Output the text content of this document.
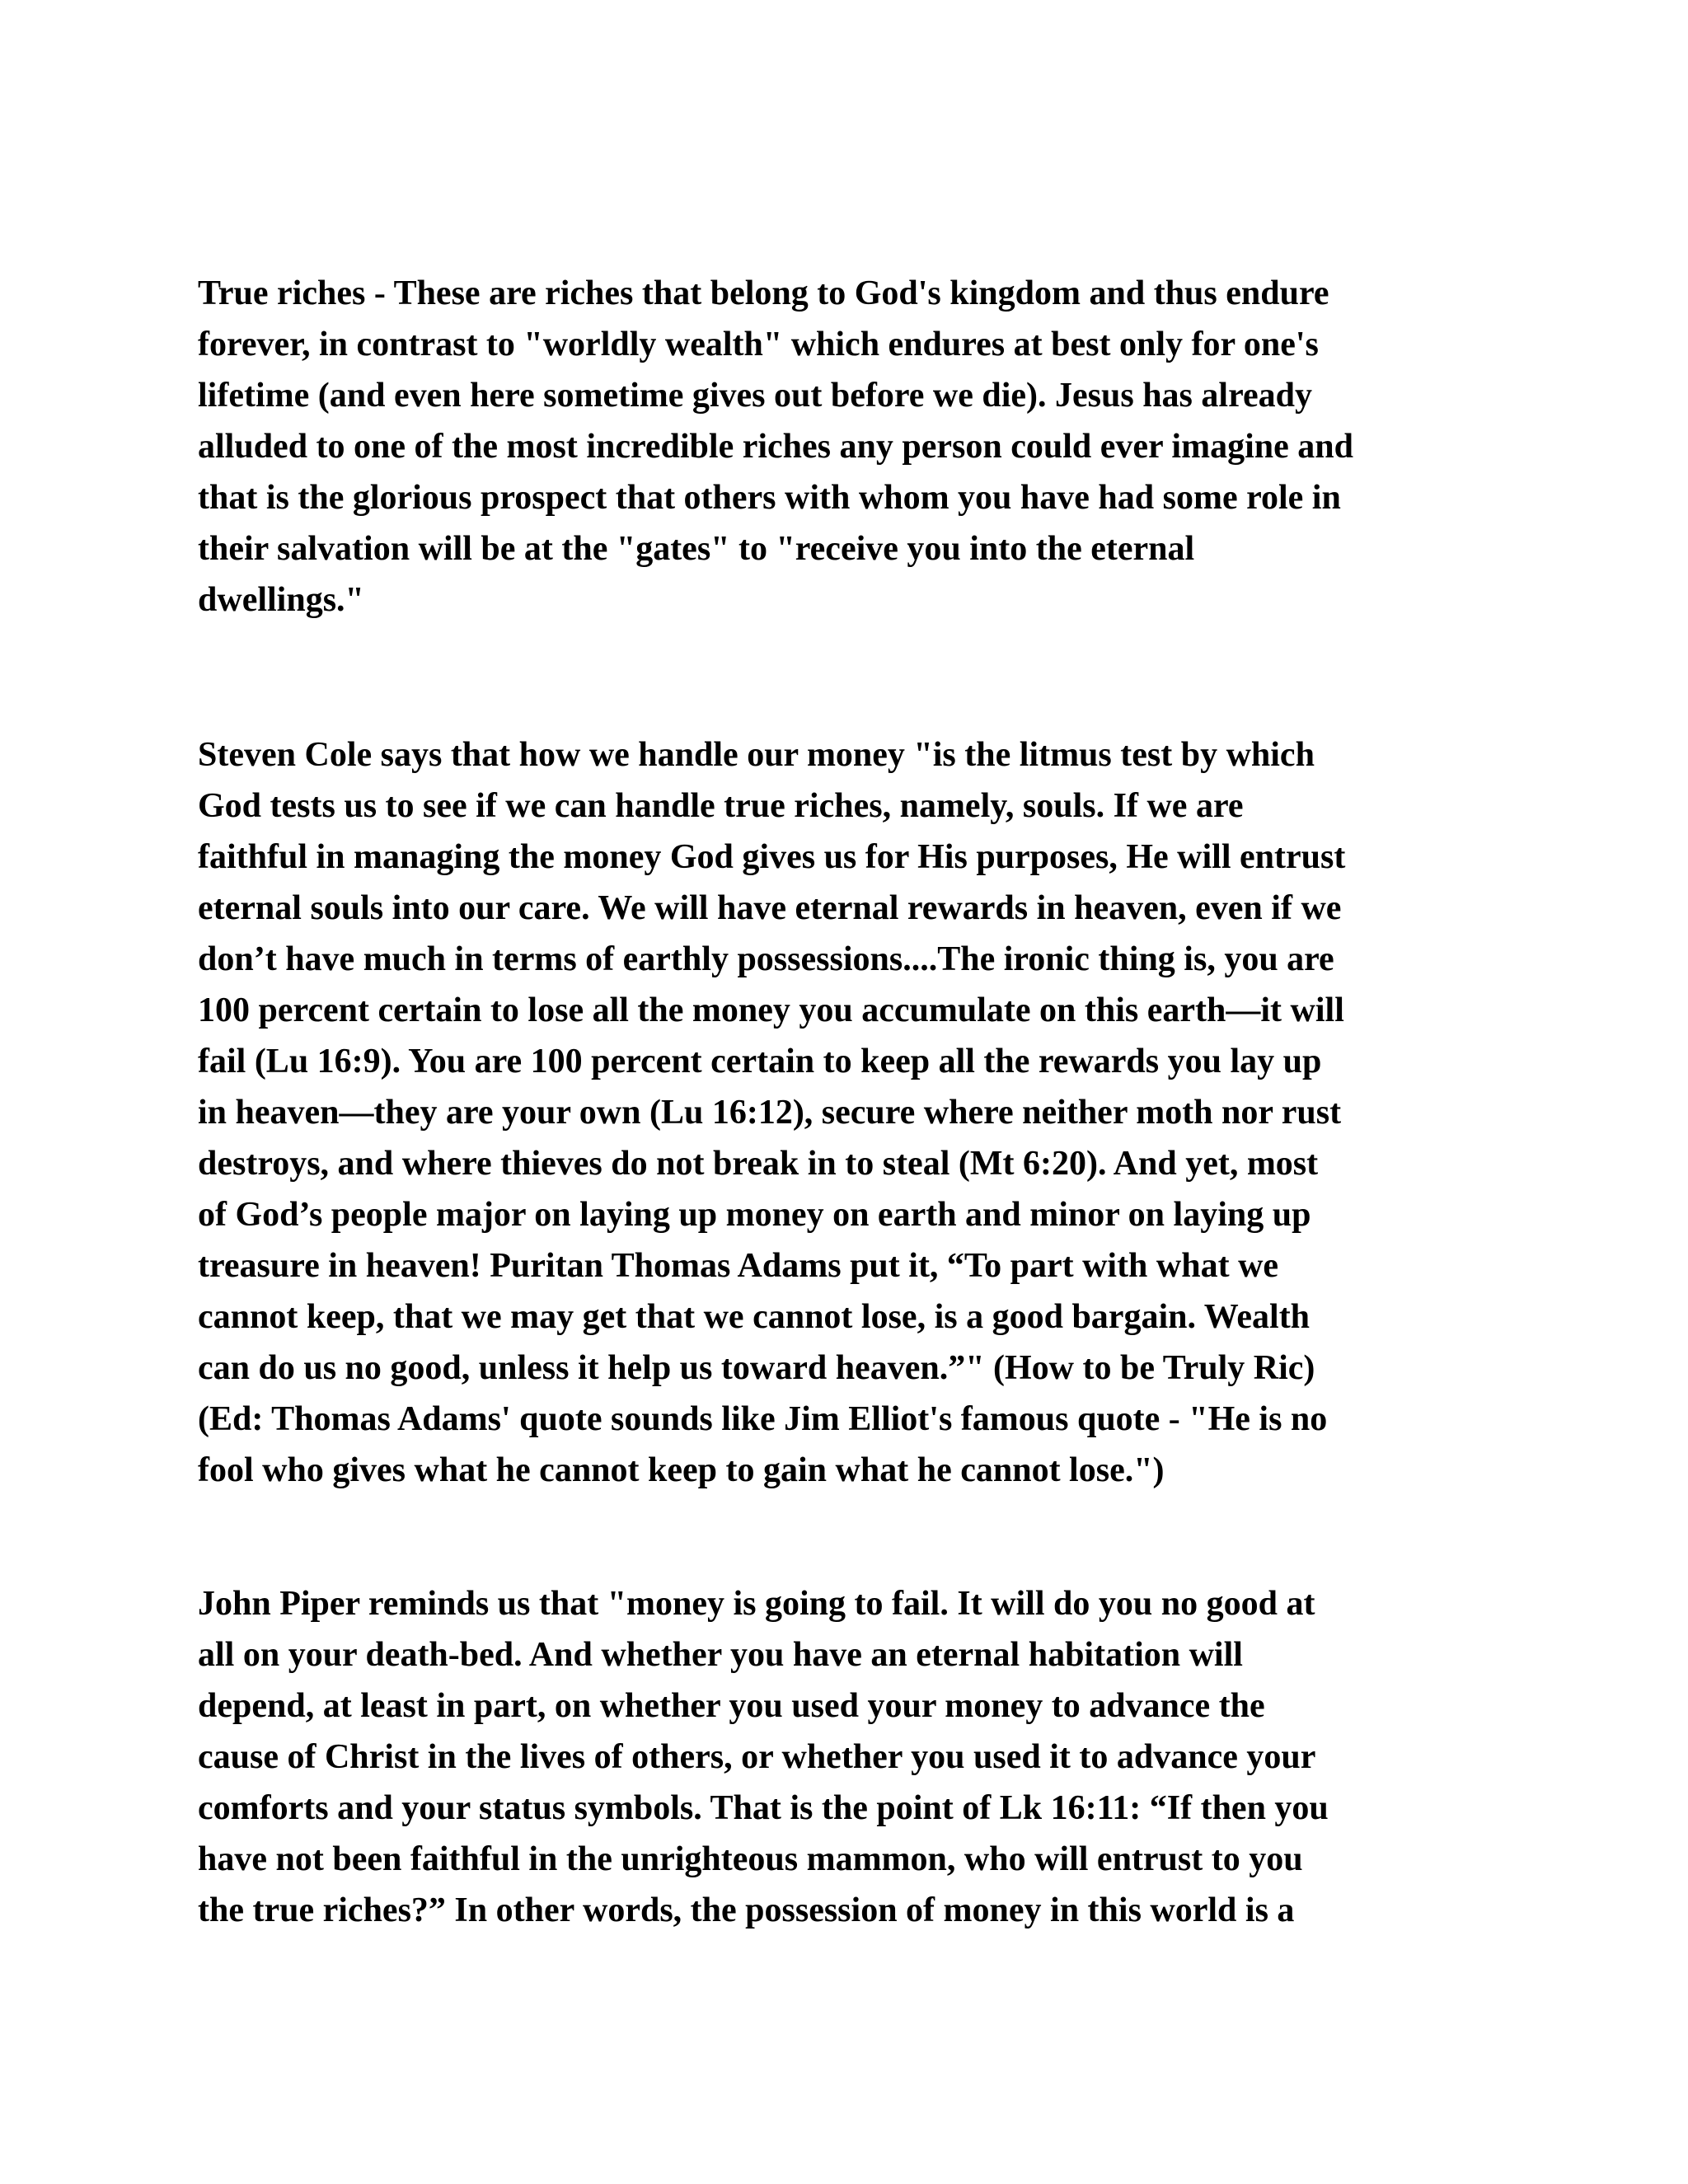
True riches - These are riches that belong to God's kingdom and thus endure
forever, in contrast to "worldly wealth" which endures at best only for one's
lifetime (and even here sometime gives out before we die). Jesus has already
alluded to one of the most incredible riches any person could ever imagine and
that is the glorious prospect that others with whom you have had some role in
their salvation will be at the "gates" to "receive you into the eternal
dwellings."

Steven Cole says that how we handle our money "is the litmus test by which
God tests us to see if we can handle true riches, namely, souls. If we are
faithful in managing the money God gives us for His purposes, He will entrust
eternal souls into our care. We will have eternal rewards in heaven, even if we
don’t have much in terms of earthly possessions....The ironic thing is, you are
100 percent certain to lose all the money you accumulate on this earth—it will
fail (Lu 16:9). You are 100 percent certain to keep all the rewards you lay up
in heaven—they are your own (Lu 16:12), secure where neither moth nor rust
destroys, and where thieves do not break in to steal (Mt 6:20). And yet, most
of God’s people major on laying up money on earth and minor on laying up
treasure in heaven! Puritan Thomas Adams put it, “To part with what we
cannot keep, that we may get that we cannot lose, is a good bargain. Wealth
can do us no good, unless it help us toward heaven.”" (How to be Truly Ric)
(Ed: Thomas Adams' quote sounds like Jim Elliot's famous quote - "He is no
fool who gives what he cannot keep to gain what he cannot lose.")

John Piper reminds us that "money is going to fail. It will do you no good at
all on your death-bed. And whether you have an eternal habitation will
depend, at least in part, on whether you used your money to advance the
cause of Christ in the lives of others, or whether you used it to advance your
comforts and your status symbols. That is the point of Lk 16:11: “If then you
have not been faithful in the unrighteous mammon, who will entrust to you
the true riches?” In other words, the possession of money in this world is a
